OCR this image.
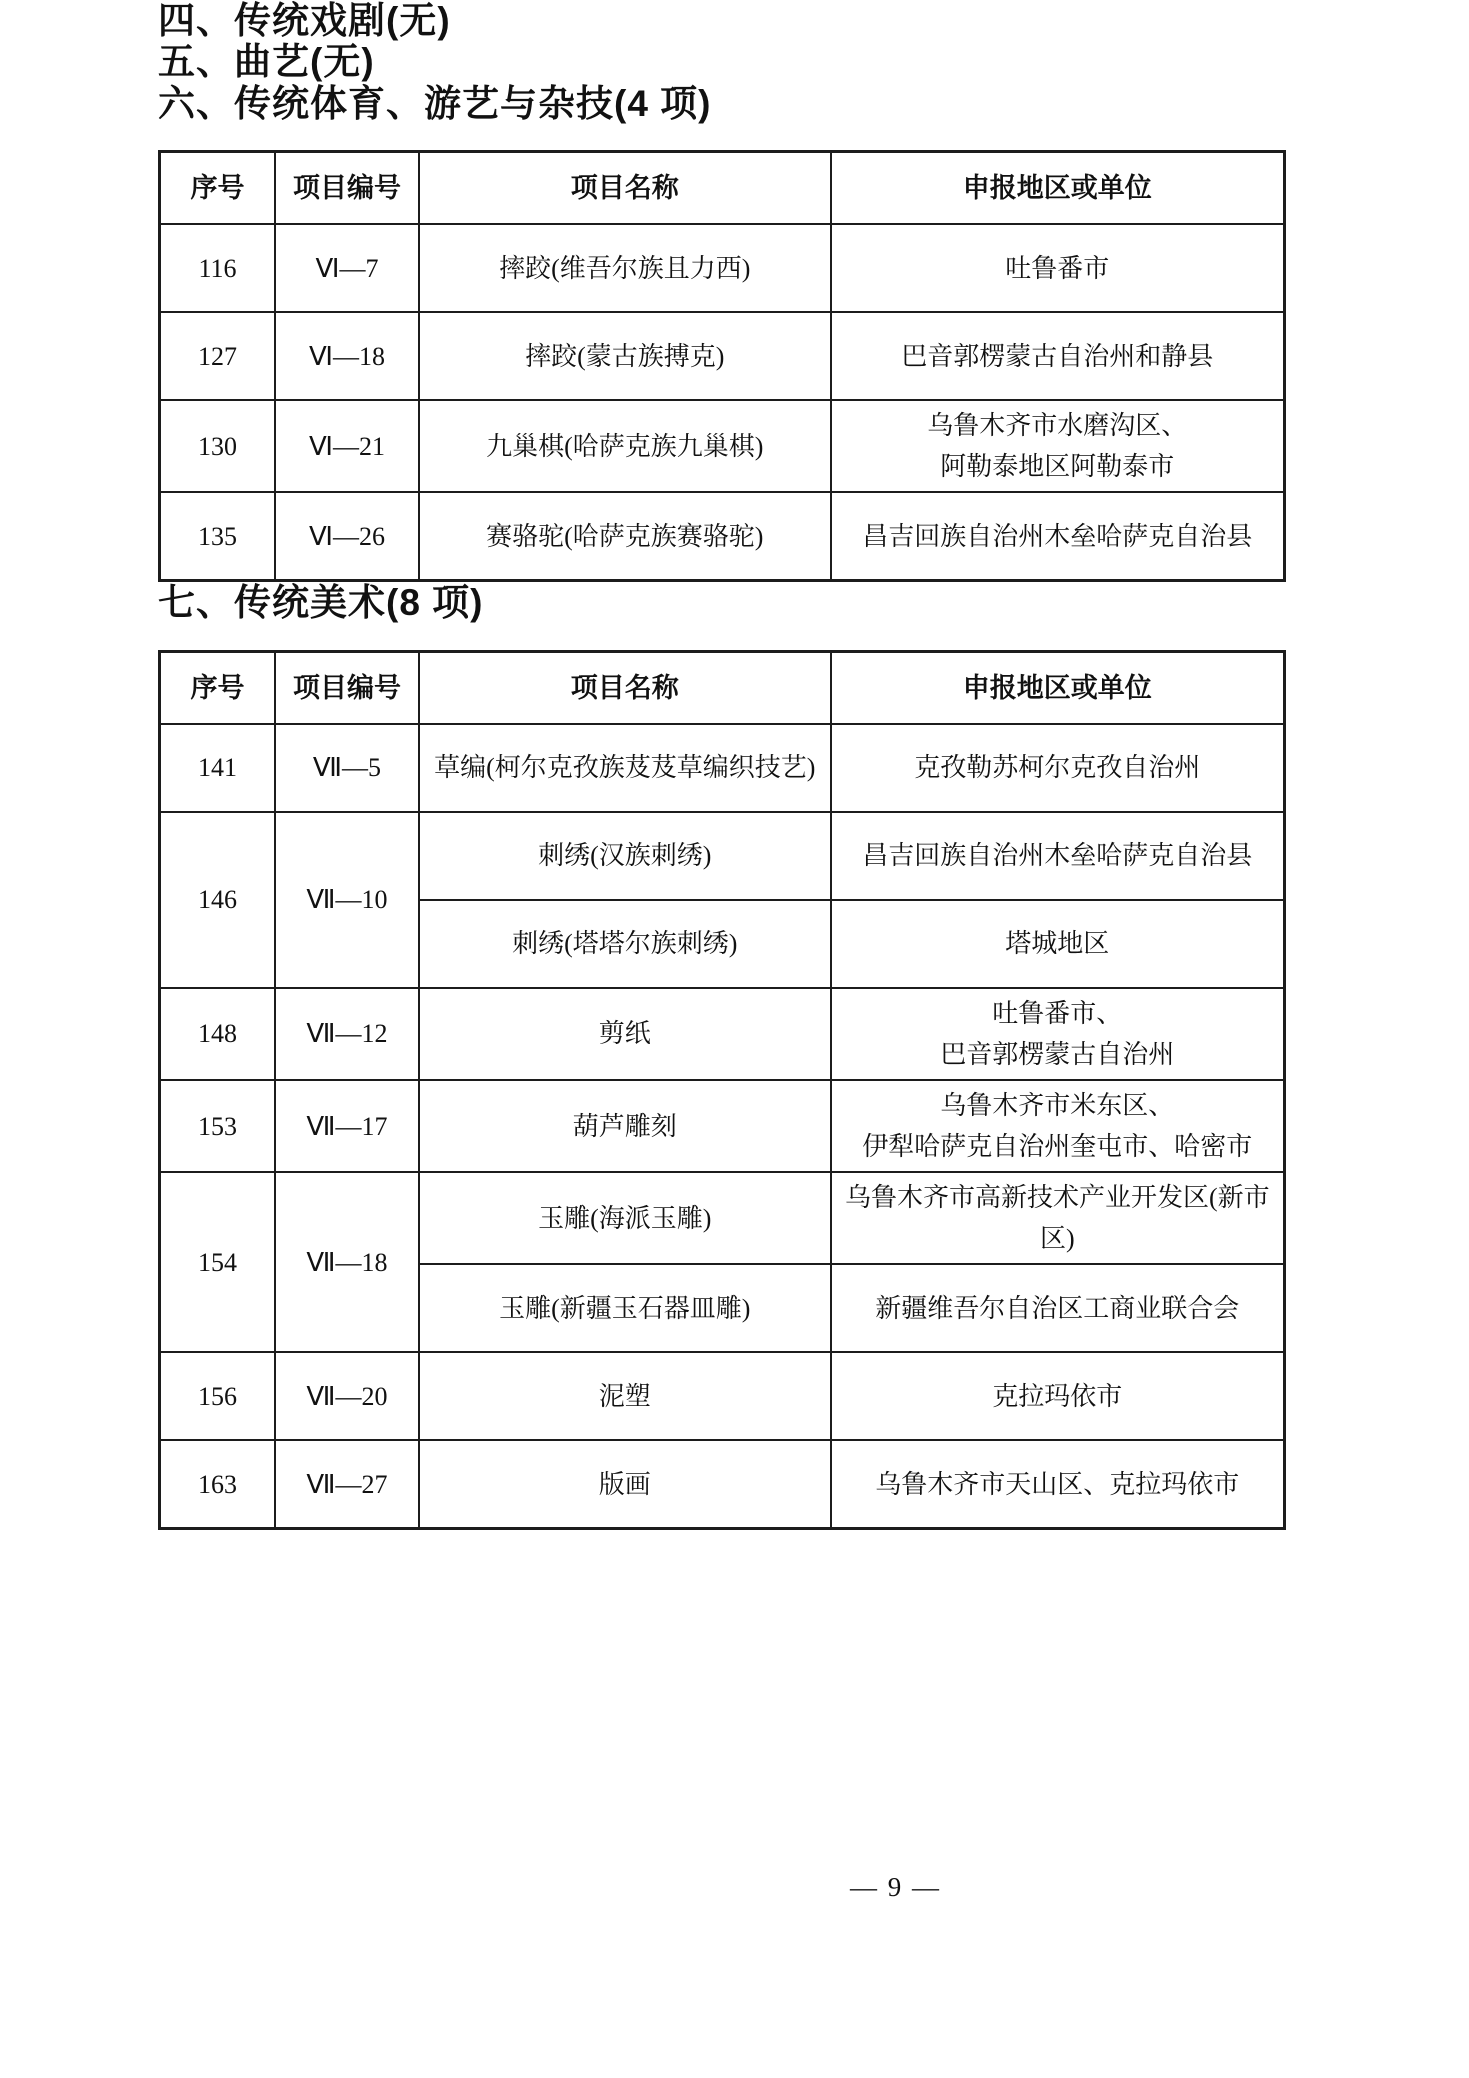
四、传统戏剧(无)
五、曲艺(无)
六、传统体育、游艺与杂技(4 项)
序号	项目编号	项目名称	申报地区或单位
116	Ⅵ—7	摔跤(维吾尔族且力西)	吐鲁番市
127	Ⅵ—18	摔跤(蒙古族搏克)	巴音郭楞蒙古自治州和静县
130	Ⅵ—21	九巢棋(哈萨克族九巢棋)	乌鲁木齐市水磨沟区、
阿勒泰地区阿勒泰市
135	Ⅵ—26	赛骆驼(哈萨克族赛骆驼)	昌吉回族自治州木垒哈萨克自治县
七、传统美术(8 项)
序号	项目编号	项目名称	申报地区或单位
141	Ⅶ—5	草编(柯尔克孜族芨芨草编织技艺)	克孜勒苏柯尔克孜自治州
146	Ⅶ—10	刺绣(汉族刺绣)	昌吉回族自治州木垒哈萨克自治县
		刺绣(塔塔尔族刺绣)	塔城地区
148	Ⅶ—12	剪纸	吐鲁番市、
巴音郭楞蒙古自治州
153	Ⅶ—17	葫芦雕刻	乌鲁木齐市米东区、
伊犁哈萨克自治州奎屯市、哈密市
154	Ⅶ—18	玉雕(海派玉雕)	乌鲁木齐市高新技术产业开发区(新市区)
		玉雕(新疆玉石器皿雕)	新疆维吾尔自治区工商业联合会
156	Ⅶ—20	泥塑	克拉玛依市
163	Ⅶ—27	版画	乌鲁木齐市天山区、克拉玛依市
— 9 —
